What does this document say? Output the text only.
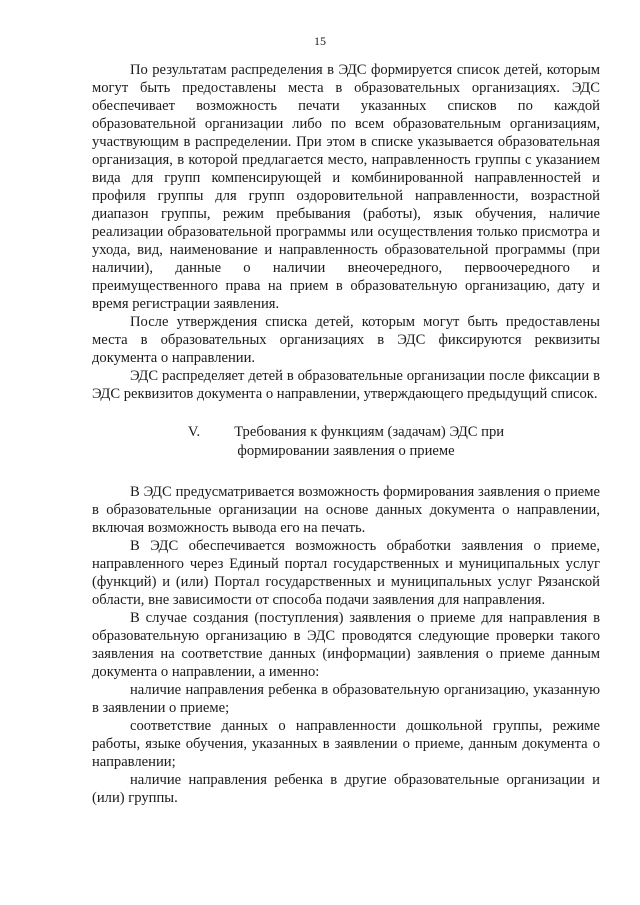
15

По результатам распределения в ЭДС формируется список детей, которым могут быть предоставлены места в образовательных организациях. ЭДС обеспечивает возможность печати указанных списков по каждой образовательной организации либо по всем образовательным организациям, участвующим в распределении. При этом в списке указывается образовательная организация, в которой предлагается место, направленность группы с указанием вида для групп компенсирующей и комбинированной направленностей и профиля группы для групп оздоровительной направленности, возрастной диапазон группы, режим пребывания (работы), язык обучения, наличие реализации образовательной программы или осуществления только присмотра и ухода, вид, наименование и направленность образовательной программы (при наличии), данные о наличии внеочередного, первоочередного и преимущественного права на прием в образовательную организацию, дату и время регистрации заявления.

После утверждения списка детей, которым могут быть предоставлены места в образовательных организациях в ЭДС фиксируются реквизиты документа о направлении.

ЭДС распределяет детей в образовательные организации после фиксации в ЭДС реквизитов документа о направлении, утверждающего предыдущий список.

V. Требования к функциям (задачам) ЭДС при
формировании заявления о приеме

В ЭДС предусматривается возможность формирования заявления о приеме в образовательные организации на основе данных документа о направлении, включая возможность вывода его на печать.

В ЭДС обеспечивается возможность обработки заявления о приеме, направленного через Единый портал государственных и муниципальных услуг (функций) и (или) Портал государственных и муниципальных услуг Рязанской области, вне зависимости от способа подачи заявления для направления.

В случае создания (поступления) заявления о приеме для направления в образовательную организацию в ЭДС проводятся следующие проверки такого заявления на соответствие данных (информации) заявления о приеме данным документа о направлении, а именно:

наличие направления ребенка в образовательную организацию, указанную в заявлении о приеме;

соответствие данных о направленности дошкольной группы, режиме работы, языке обучения, указанных в заявлении о приеме, данным документа о направлении;

наличие направления ребенка в другие образовательные организации и (или) группы.
